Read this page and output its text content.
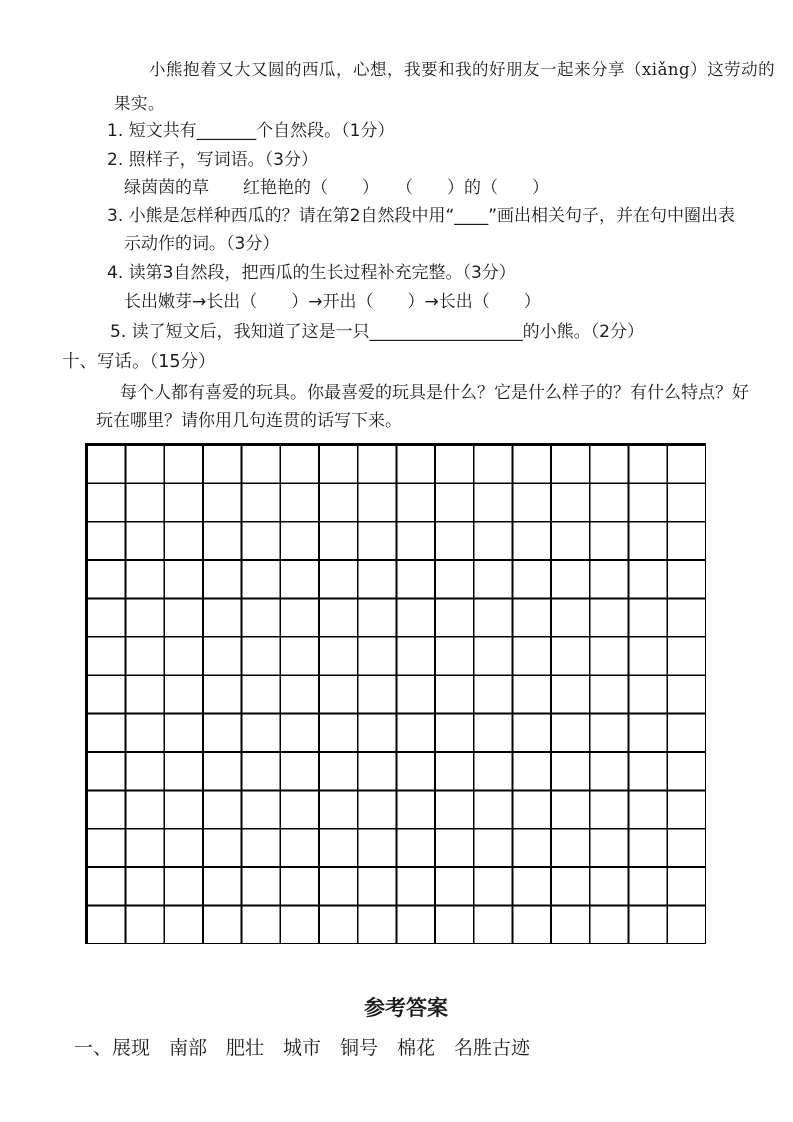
小熊抱着又大又圆的西瓜，心想，我要和我的好朋友一起来分享（xiǎng）这劳动的

果实。

1. 短文共有_______个自然段。（1分）

2. 照样子，写词语。（3分）

绿茵茵的草　　红艳艳的（　　）　　（　　）的（　　）

3. 小熊是怎样种西瓜的？请在第2自然段中用“____”画出相关句子，并在句中圈出表

示动作的词。（3分）

4. 读第3自然段，把西瓜的生长过程补充完整。（3分）

长出嫩芽→长出（　　）→开出（　　）→长出（　　）

5. 读了短文后，我知道了这是一只__________________的小熊。（2分）

十、写话。（15分）

每个人都有喜爱的玩具。你最喜爱的玩具是什么？它是什么样子的？有什么特点？好

玩在哪里？请你用几句连贯的话写下来。

参考答案

一、展现　南部　肥壮　城市　铜号　棉花　名胜古迹
